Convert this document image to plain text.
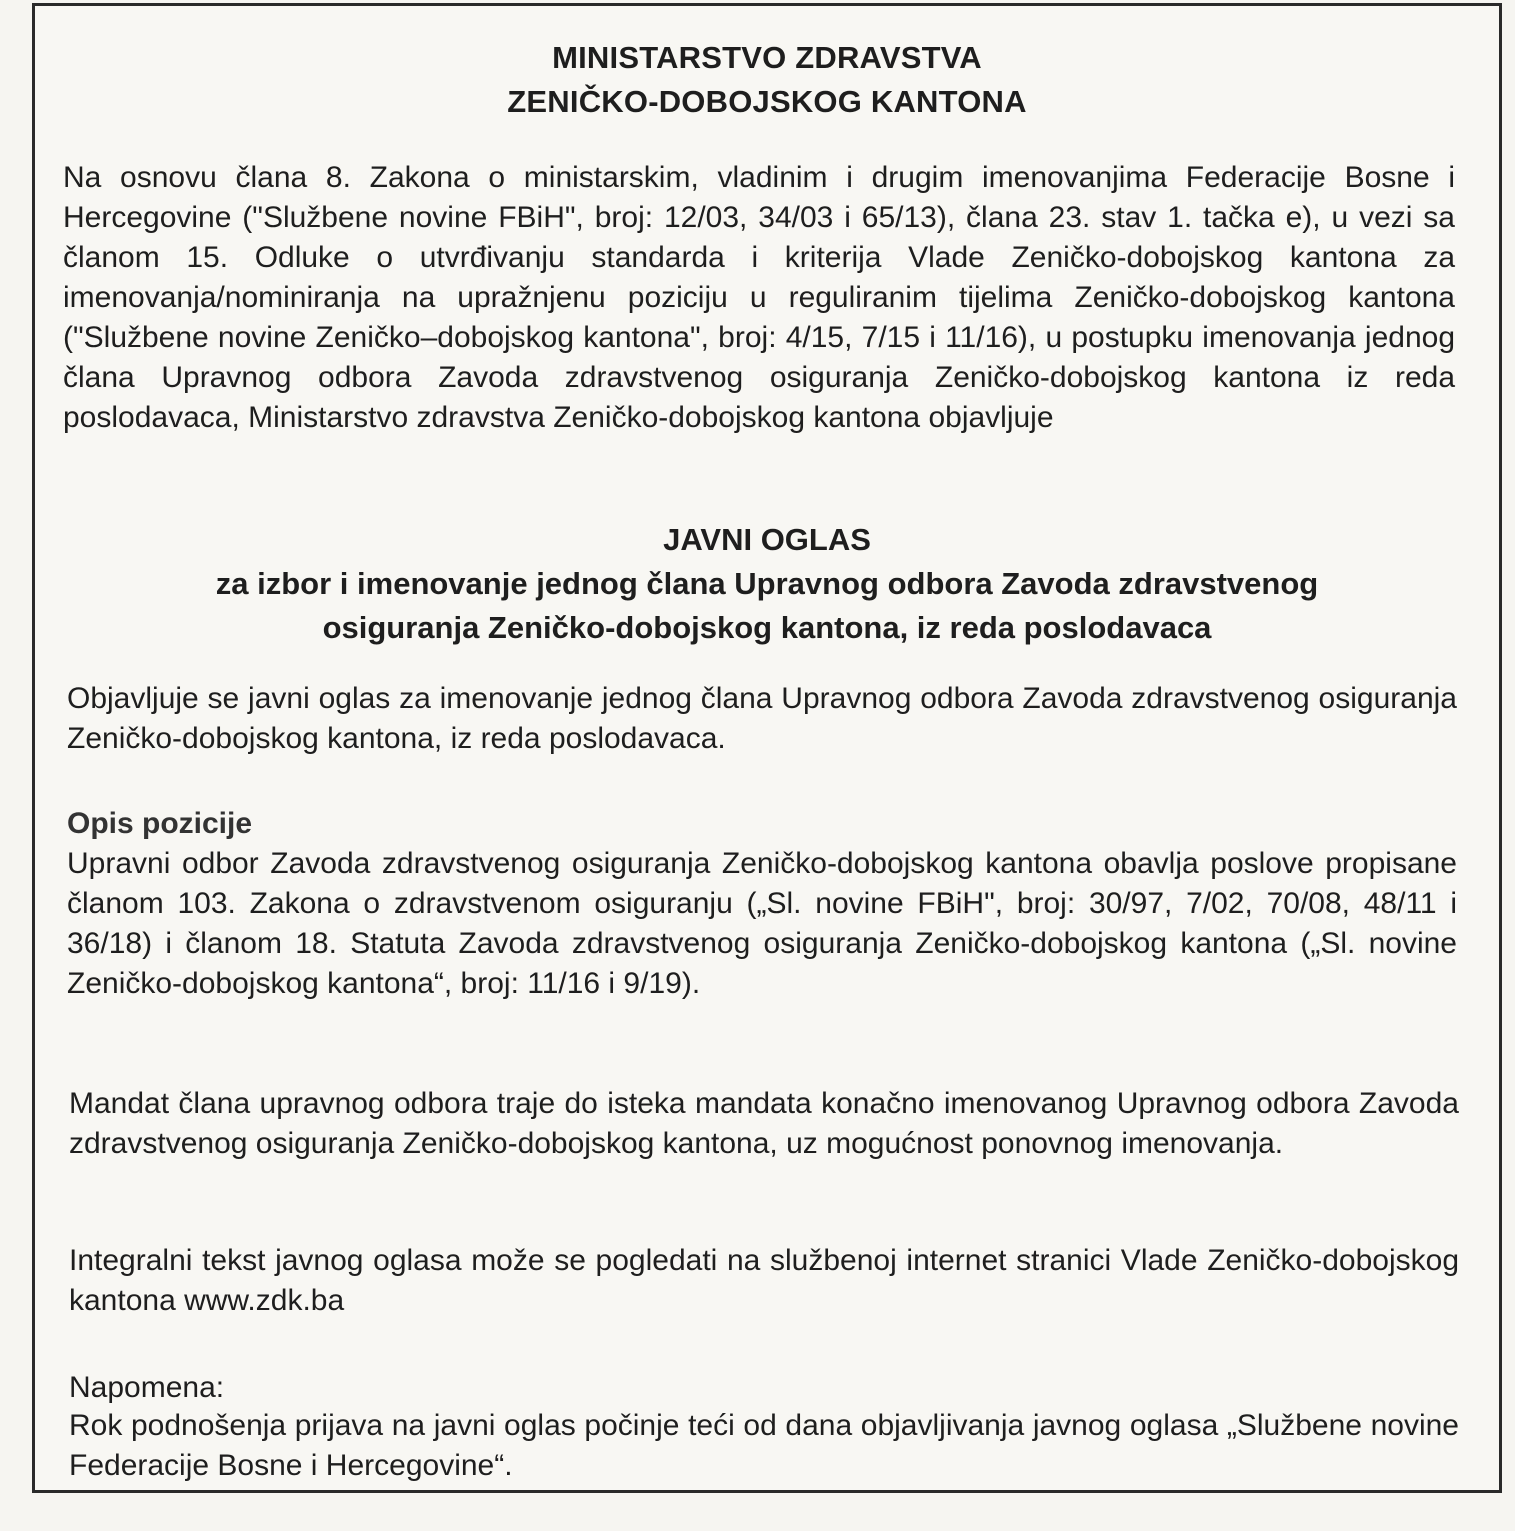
MINISTARSTVO ZDRAVSTVA
ZENIČKO-DOBOJSKOG KANTONA
Na osnovu člana 8. Zakona o ministarskim, vladinim i drugim imenovanjima Federacije Bosne i Hercegovine ("Službene novine FBiH", broj: 12/03, 34/03 i 65/13), člana 23. stav 1. tačka e), u vezi sa članom 15. Odluke o utvrđivanju standarda i kriterija Vlade Zeničko-dobojskog kantona za imenovanja/nominiranja na upražnjenu poziciju u reguliranim tijelima Zeničko-dobojskog kantona ("Službene novine Zeničko–dobojskog kantona", broj: 4/15, 7/15 i 11/16), u postupku imenovanja jednog člana Upravnog odbora Zavoda zdravstvenog osiguranja Zeničko-dobojskog kantona iz reda poslodavaca, Ministarstvo zdravstva Zeničko-dobojskog kantona objavljuje
JAVNI OGLAS
za izbor i imenovanje jednog člana Upravnog odbora Zavoda zdravstvenog
osiguranja Zeničko-dobojskog kantona, iz reda poslodavaca
Objavljuje se javni oglas za imenovanje jednog člana Upravnog odbora Zavoda zdravstvenog osiguranja Zeničko-dobojskog kantona, iz reda poslodavaca.
Opis pozicije
Upravni odbor Zavoda zdravstvenog osiguranja Zeničko-dobojskog kantona obavlja poslove propisane članom 103. Zakona o zdravstvenom osiguranju („Sl. novine FBiH", broj: 30/97, 7/02, 70/08, 48/11 i 36/18) i članom 18. Statuta Zavoda zdravstvenog osiguranja Zeničko-dobojskog kantona („Sl. novine Zeničko-dobojskog kantona“, broj: 11/16 i 9/19).
Mandat člana upravnog odbora traje do isteka mandata konačno imenovanog Upravnog odbora Zavoda zdravstvenog osiguranja Zeničko-dobojskog kantona, uz mogućnost ponovnog imenovanja.
Integralni tekst javnog oglasa može se pogledati na službenoj internet stranici Vlade Zeničko-dobojskog kantona www.zdk.ba
Napomena:
Rok podnošenja prijava na javni oglas počinje teći od dana objavljivanja javnog oglasa „Službene novine Federacije Bosne i Hercegovine“.
